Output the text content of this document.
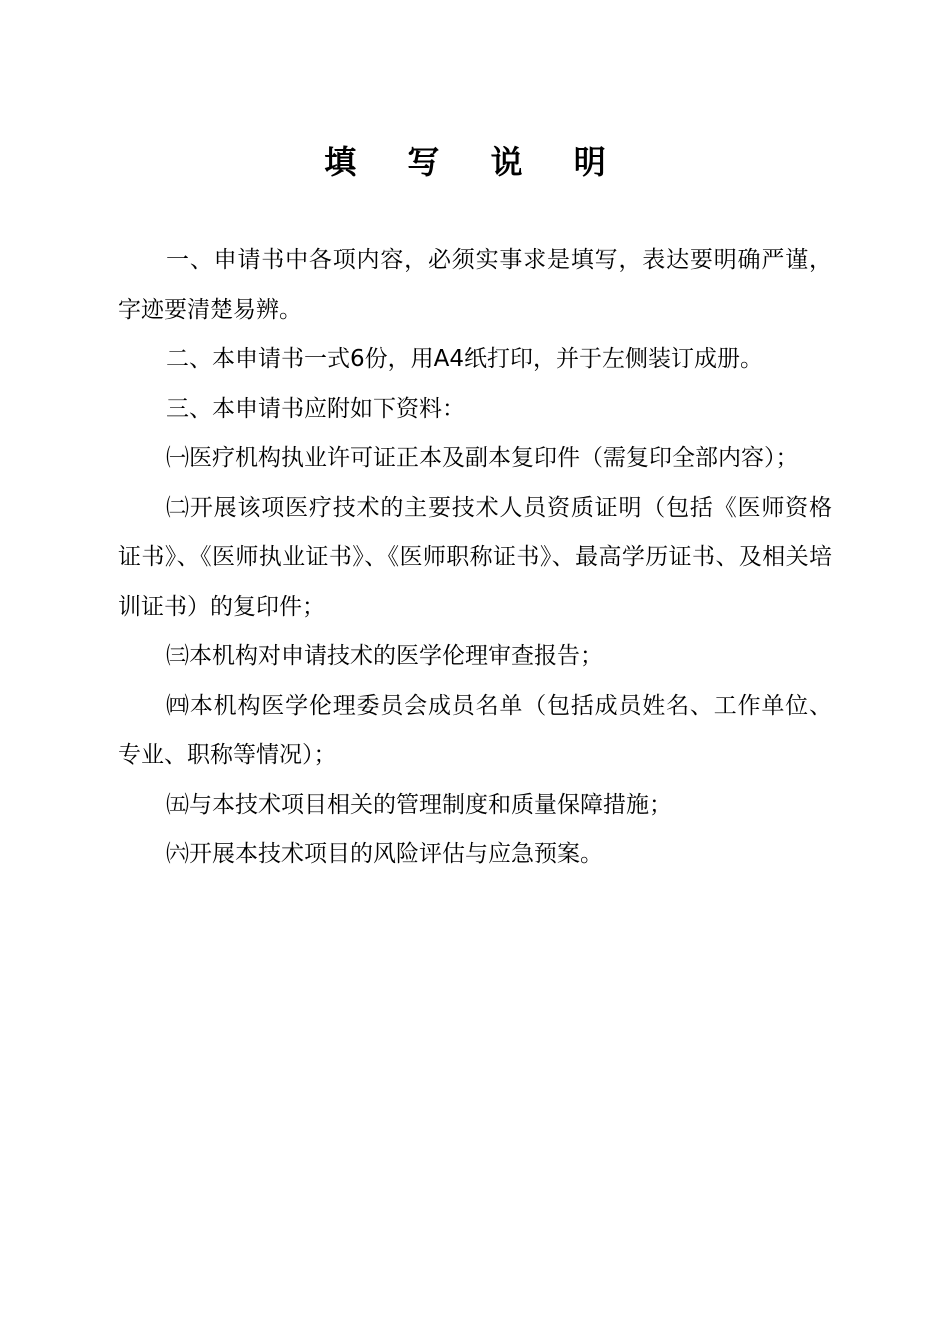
填 写 说 明

一、申请书中各项内容，必须实事求是填写，表达要明确严谨，字迹要清楚易辨。

二、本申请书一式6份，用A4纸打印，并于左侧装订成册。

三、本申请书应附如下资料：

㈠医疗机构执业许可证正本及副本复印件（需复印全部内容）；

㈡开展该项医疗技术的主要技术人员资质证明（包括《医师资格证书》、《医师执业证书》、《医师职称证书》、最高学历证书、及相关培训证书）的复印件；

㈢本机构对申请技术的医学伦理审查报告；

㈣本机构医学伦理委员会成员名单（包括成员姓名、工作单位、专业、职称等情况）；

㈤与本技术项目相关的管理制度和质量保障措施；

㈥开展本技术项目的风险评估与应急预案。
